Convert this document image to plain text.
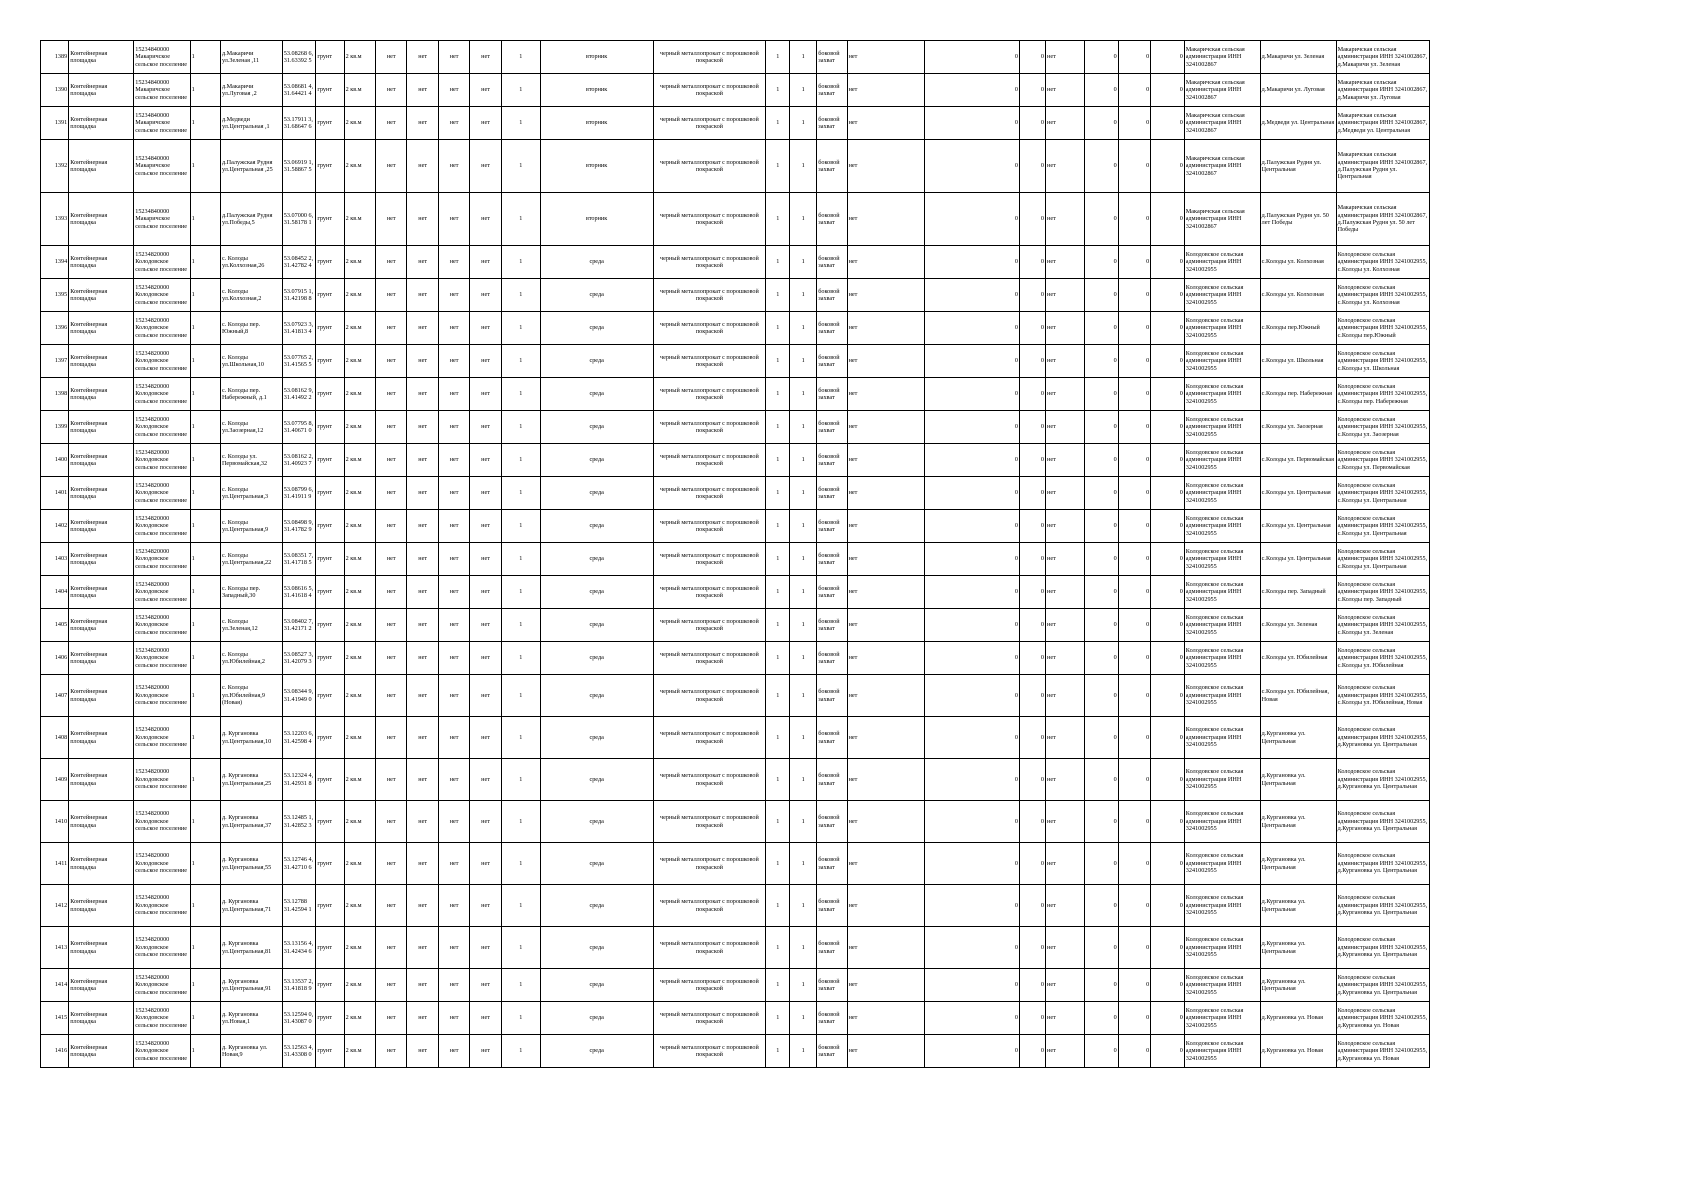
1389	Контейнерная площадка	15234840000 Макаричское сельское поселение	1	д.Макаричи ул.Зеленая ,11	53.08268 6, 31.63392 5	грунт	2 кв.м	нет	нет	нет	нет	1	вторник	черный металлопрокат с порошковой покраской	1	1	боковой захват	нет	0	0	нет	0	0	0	Макаричская сельская администрация ИНН 3241002867	д.Макаричи ул. Зеленая	Макаричская сельская администрация ИНН 3241002867, д.Макаричи ул. Зеленая
1390	Контейнерная площадка	15234840000 Макаричское сельское поселение	1	д.Макаричи ул.Луговая ,2	53.08681 4, 31.64421 4	грунт	2 кв.м	нет	нет	нет	нет	1	вторник	черный металлопрокат с порошковой покраской	1	1	боковой захват	нет	0	0	нет	0	0	0	Макаричская сельская администрация ИНН 3241002867	д.Макаричи ул. Луговая	Макаричская сельская администрация ИНН 3241002867, д.Макаричи ул. Луговая
1391	Контейнерная площадка	15234840000 Макаричское сельское поселение	1	д.Медведи ул.Центральная ,1	53.17911 3, 31.68647 6	грунт	2 кв.м	нет	нет	нет	нет	1	вторник	черный металлопрокат с порошковой покраской	1	1	боковой захват	нет	0	0	нет	0	0	0	Макаричская сельская администрация ИНН 3241002867	д.Медведи ул. Центральная	Макаричская сельская администрация ИНН 3241002867, д.Медведи ул. Центральная
1392	Контейнерная площадка	15234840000 Макаричское сельское поселение	1	д.Палужская Рудня ул.Центральная ,25	53.06919 1, 31.58867 5	грунт	2 кв.м	нет	нет	нет	нет	1	вторник	черный металлопрокат с порошковой покраской	1	1	боковой захват	нет	0	0	нет	0	0	0	Макаричская сельская администрация ИНН 3241002867	д.Палужская Рудня ул. Центральная	Макаричская сельская администрация ИНН 3241002867, д.Палужская Рудня ул. Центральная
1393	Контейнерная площадка	15234840000 Макаричское сельское поселение	1	д.Палужская Рудня ул.Победы,5	53.07000 6, 31.58178 1	грунт	2 кв.м	нет	нет	нет	нет	1	вторник	черный металлопрокат с порошковой покраской	1	1	боковой захват	нет	0	0	нет	0	0	0	Макаричская сельская администрация ИНН 3241002867	д.Палужская Рудня ул. 50 лет Победы	Макаричская сельская администрация ИНН 3241002867, д.Палужская Рудня ул. 50 лет Победы
1394	Контейнерная площадка	15234820000 Колодовское сельское поселение	1	с. Колоды ул.Колхозная,26	53.08452 2, 31.42782 4	грунт	2 кв.м	нет	нет	нет	нет	1	среда	черный металлопрокат с порошковой покраской	1	1	боковой захват	нет	0	0	нет	0	0	0	Колодовское сельская администрация ИНН 3241002955	с.Колоды ул. Колхозная	Колодовское сельская администрация ИНН 3241002955, с.Колоды ул. Колхозная
1395	Контейнерная площадка	15234820000 Колодовское сельское поселение	1	с. Колоды ул.Колхозная,2	53.07915 1, 31.42198 8	грунт	2 кв.м	нет	нет	нет	нет	1	среда	черный металлопрокат с порошковой покраской	1	1	боковой захват	нет	0	0	нет	0	0	0	Колодовское сельская администрация ИНН 3241002955	с.Колоды ул. Колхозная	Колодовское сельская администрация ИНН 3241002955, с.Колоды ул. Колхозная
1396	Контейнерная площадка	15234820000 Колодовское сельское поселение	1	с. Колоды пер. Южный,8	53.07923 3, 31.41813 4	грунт	2 кв.м	нет	нет	нет	нет	1	среда	черный металлопрокат с порошковой покраской	1	1	боковой захват	нет	0	0	нет	0	0	0	Колодовское сельская администрация ИНН 3241002955	с.Колоды пер.Южный	Колодовское сельская администрация ИНН 3241002955, с.Колоды пер.Южный
1397	Контейнерная площадка	15234820000 Колодовское сельское поселение	1	с. Колоды ул.Школьная,10	53.07765 2, 31.41565 5	грунт	2 кв.м	нет	нет	нет	нет	1	среда	черный металлопрокат с порошковой покраской	1	1	боковой захват	нет	0	0	нет	0	0	0	Колодовское сельская администрация ИНН 3241002955	с.Колоды ул. Школьная	Колодовское сельская администрация ИНН 3241002955, с.Колоды ул. Школьная
1398	Контейнерная площадка	15234820000 Колодовское сельское поселение	1	с. Колоды пер. Набережный, д.1	53.08162 9, 31.41492 2	грунт	2 кв.м	нет	нет	нет	нет	1	среда	черный металлопрокат с порошковой покраской	1	1	боковой захват	нет	0	0	нет	0	0	0	Колодовское сельская администрация ИНН 3241002955	с.Колоды пер. Набережная	Колодовское сельская администрация ИНН 3241002955, с.Колоды пер. Набережная
1399	Контейнерная площадка	15234820000 Колодовское сельское поселение	1	с. Колоды ул.Заозерная,12	53.07795 8, 31.40671 0	грунт	2 кв.м	нет	нет	нет	нет	1	среда	черный металлопрокат с порошковой покраской	1	1	боковой захват	нет	0	0	нет	0	0	0	Колодовское сельская администрация ИНН 3241002955	с.Колоды ул. Заозерная	Колодовское сельская администрация ИНН 3241002955, с.Колоды ул. Заозерная
1400	Контейнерная площадка	15234820000 Колодовское сельское поселение	1	с. Колоды ул. Первомайская,32	53.08162 2, 31.40923 7	грунт	2 кв.м	нет	нет	нет	нет	1	среда	черный металлопрокат с порошковой покраской	1	1	боковой захват	нет	0	0	нет	0	0	0	Колодовское сельская администрация ИНН 3241002955	с.Колоды ул. Первомайская	Колодовское сельская администрация ИНН 3241002955, с.Колоды ул. Первомайская
1401	Контейнерная площадка	15234820000 Колодовское сельское поселение	1	с. Колоды ул.Центральная,3	53.08799 6, 31.41911 9	грунт	2 кв.м	нет	нет	нет	нет	1	среда	черный металлопрокат с порошковой покраской	1	1	боковой захват	нет	0	0	нет	0	0	0	Колодовское сельская администрация ИНН 3241002955	с.Колоды ул. Центральная	Колодовское сельская администрация ИНН 3241002955, с.Колоды ул. Центральная
1402	Контейнерная площадка	15234820000 Колодовское сельское поселение	1	с. Колоды ул.Центральная,9	53.08498 9, 31.41782 9	грунт	2 кв.м	нет	нет	нет	нет	1	среда	черный металлопрокат с порошковой покраской	1	1	боковой захват	нет	0	0	нет	0	0	0	Колодовское сельская администрация ИНН 3241002955	с.Колоды ул. Центральная	Колодовское сельская администрация ИНН 3241002955, с.Колоды ул. Центральная
1403	Контейнерная площадка	15234820000 Колодовское сельское поселение	1	с. Колоды ул.Центральная,22	53.08351 7, 31.41718 5	грунт	2 кв.м	нет	нет	нет	нет	1	среда	черный металлопрокат с порошковой покраской	1	1	боковой захват	нет	0	0	нет	0	0	0	Колодовское сельская администрация ИНН 3241002955	с.Колоды ул. Центральная	Колодовское сельская администрация ИНН 3241002955, с.Колоды ул. Центральная
1404	Контейнерная площадка	15234820000 Колодовское сельское поселение	1	с. Колоды пер. Западный,30	53.08616 5, 31.41618 4	грунт	2 кв.м	нет	нет	нет	нет	1	среда	черный металлопрокат с порошковой покраской	1	1	боковой захват	нет	0	0	нет	0	0	0	Колодовское сельская администрация ИНН 3241002955	с.Колоды пер. Западный	Колодовское сельская администрация ИНН 3241002955, с.Колоды пер. Западный
1405	Контейнерная площадка	15234820000 Колодовское сельское поселение	1	с. Колоды ул.Зеленая,12	53.08402 7, 31.42171 2	грунт	2 кв.м	нет	нет	нет	нет	1	среда	черный металлопрокат с порошковой покраской	1	1	боковой захват	нет	0	0	нет	0	0	0	Колодовское сельская администрация ИНН 3241002955	с.Колоды ул. Зеленая	Колодовское сельская администрация ИНН 3241002955, с.Колоды ул. Зеленая
1406	Контейнерная площадка	15234820000 Колодовское сельское поселение	1	с. Колоды ул.Юбилейная,2	53.08527 3, 31.42079 3	грунт	2 кв.м	нет	нет	нет	нет	1	среда	черный металлопрокат с порошковой покраской	1	1	боковой захват	нет	0	0	нет	0	0	0	Колодовское сельская администрация ИНН 3241002955	с.Колоды ул. Юбилейная	Колодовское сельская администрация ИНН 3241002955, с.Колоды ул. Юбилейная
1407	Контейнерная площадка	15234820000 Колодовское сельское поселение	1	с. Колоды ул.Юбилейная,9 (Новая)	53.08344 9, 31.41949 0	грунт	2 кв.м	нет	нет	нет	нет	1	среда	черный металлопрокат с порошковой покраской	1	1	боковой захват	нет	0	0	нет	0	0	0	Колодовское сельская администрация ИНН 3241002955	с.Колоды ул. Юбилейная, Новая	Колодовское сельская администрация ИНН 3241002955, с.Колоды ул. Юбилейная, Новая
1408	Контейнерная площадка	15234820000 Колодовское сельское поселение	1	д. Кургановка ул.Центральная,10	53.12203 6, 31.42598 4	грунт	2 кв.м	нет	нет	нет	нет	1	среда	черный металлопрокат с порошковой покраской	1	1	боковой захват	нет	0	0	нет	0	0	0	Колодовское сельская администрация ИНН 3241002955	д.Кургановка ул. Центральная	Колодовское сельская администрация ИНН 3241002955, д.Кургановка ул. Центральная
1409	Контейнерная площадка	15234820000 Колодовское сельское поселение	1	д. Кургановка ул.Центральная,25	53.12324 4, 31.42931 8	грунт	2 кв.м	нет	нет	нет	нет	1	среда	черный металлопрокат с порошковой покраской	1	1	боковой захват	нет	0	0	нет	0	0	0	Колодовское сельская администрация ИНН 3241002955	д.Кургановка ул. Центральная	Колодовское сельская администрация ИНН 3241002955, д.Кургановка ул. Центральная
1410	Контейнерная площадка	15234820000 Колодовское сельское поселение	1	д. Кургановка ул.Центральная,37	53.12485 1, 31.42852 3	грунт	2 кв.м	нет	нет	нет	нет	1	среда	черный металлопрокат с порошковой покраской	1	1	боковой захват	нет	0	0	нет	0	0	0	Колодовское сельская администрация ИНН 3241002955	д.Кургановка ул. Центральная	Колодовское сельская администрация ИНН 3241002955, д.Кургановка ул. Центральная
1411	Контейнерная площадка	15234820000 Колодовское сельское поселение	1	д. Кургановка ул.Центральная,55	53.12746 4, 31.42710 6	грунт	2 кв.м	нет	нет	нет	нет	1	среда	черный металлопрокат с порошковой покраской	1	1	боковой захват	нет	0	0	нет	0	0	0	Колодовское сельская администрация ИНН 3241002955	д.Кургановка ул. Центральная	Колодовское сельская администрация ИНН 3241002955, д.Кургановка ул. Центральная
1412	Контейнерная площадка	15234820000 Колодовское сельское поселение	1	д. Кургановка ул.Центральная,71	53.12788 31.42594 1	грунт	2 кв.м	нет	нет	нет	нет	1	среда	черный металлопрокат с порошковой покраской	1	1	боковой захват	нет	0	0	нет	0	0	0	Колодовское сельская администрация ИНН 3241002955	д.Кургановка ул. Центральная	Колодовское сельская администрация ИНН 3241002955, д.Кургановка ул. Центральная
1413	Контейнерная площадка	15234820000 Колодовское сельское поселение	1	д. Кургановка ул.Центральная,81	53.13156 4, 31.42434 6	грунт	2 кв.м	нет	нет	нет	нет	1	среда	черный металлопрокат с порошковой покраской	1	1	боковой захват	нет	0	0	нет	0	0	0	Колодовское сельская администрация ИНН 3241002955	д.Кургановка ул. Центральная	Колодовское сельская администрация ИНН 3241002955, д.Кургановка ул. Центральная
1414	Контейнерная площадка	15234820000 Колодовское сельское поселение	1	д. Кургановка ул.Центральная,91	53.13537 2, 31.41818 9	грунт	2 кв.м	нет	нет	нет	нет	1	среда	черный металлопрокат с порошковой покраской	1	1	боковой захват	нет	0	0	нет	0	0	0	Колодовское сельская администрация ИНН 3241002955	д.Кургановка ул. Центральная	Колодовское сельская администрация ИНН 3241002955, д.Кургановка ул. Центральная
1415	Контейнерная площадка	15234820000 Колодовское сельское поселение	1	д. Кургановка ул.Новая,1	53.12594 0, 31.43087 0	грунт	2 кв.м	нет	нет	нет	нет	1	среда	черный металлопрокат с порошковой покраской	1	1	боковой захват	нет	0	0	нет	0	0	0	Колодовское сельская администрация ИНН 3241002955	д.Кургановка ул. Новая	Колодовское сельская администрация ИНН 3241002955, д.Кургановка ул. Новая
1416	Контейнерная площадка	15234820000 Колодовское сельское поселение	1	д. Кургановка ул. Новая,9	53.12563 4, 31.43308 0	грунт	2 кв.м	нет	нет	нет	нет	1	среда	черный металлопрокат с порошковой покраской	1	1	боковой захват	нет	0	0	нет	0	0	0	Колодовское сельская администрация ИНН 3241002955	д.Кургановка ул. Новая	Колодовское сельская администрация ИНН 3241002955, д.Кургановка ул. Новая
